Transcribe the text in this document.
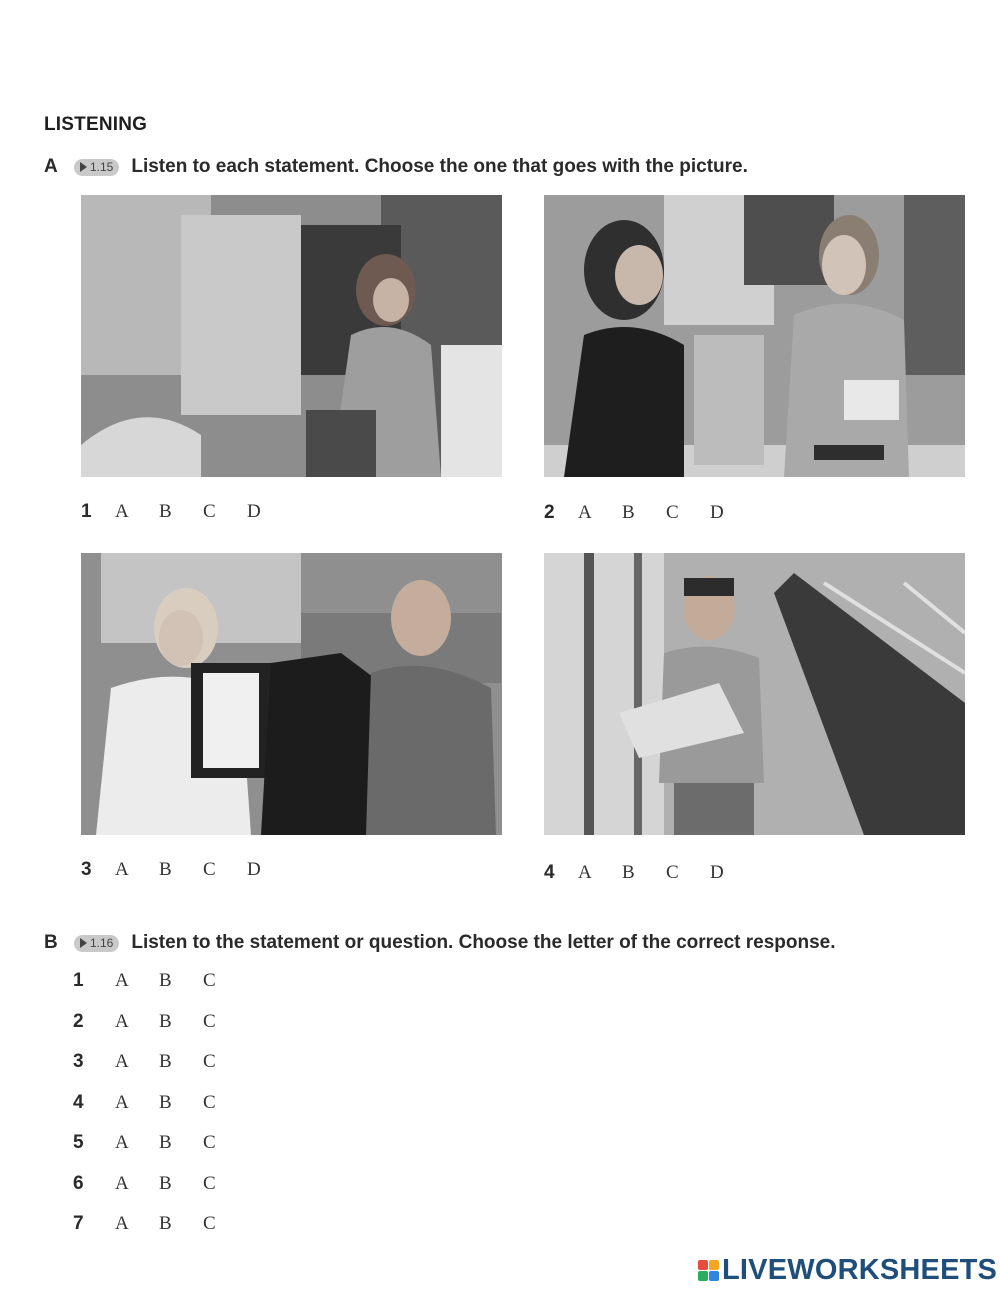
LISTENING
A	1.15 Listen to each statement. Choose the one that goes with the picture.
1	A	B	C	D	2	A	B	C	D
3	A	B	C	D	4	A	B	C	D
B	1.16 Listen to the statement or question. Choose the letter of the correct response.
1	A	B	C
2	A	B	C
3	A	B	C
4	A	B	C
5	A	B	C
6	A	B	C
7	A	B	C
LIVEWORKSHEETS
